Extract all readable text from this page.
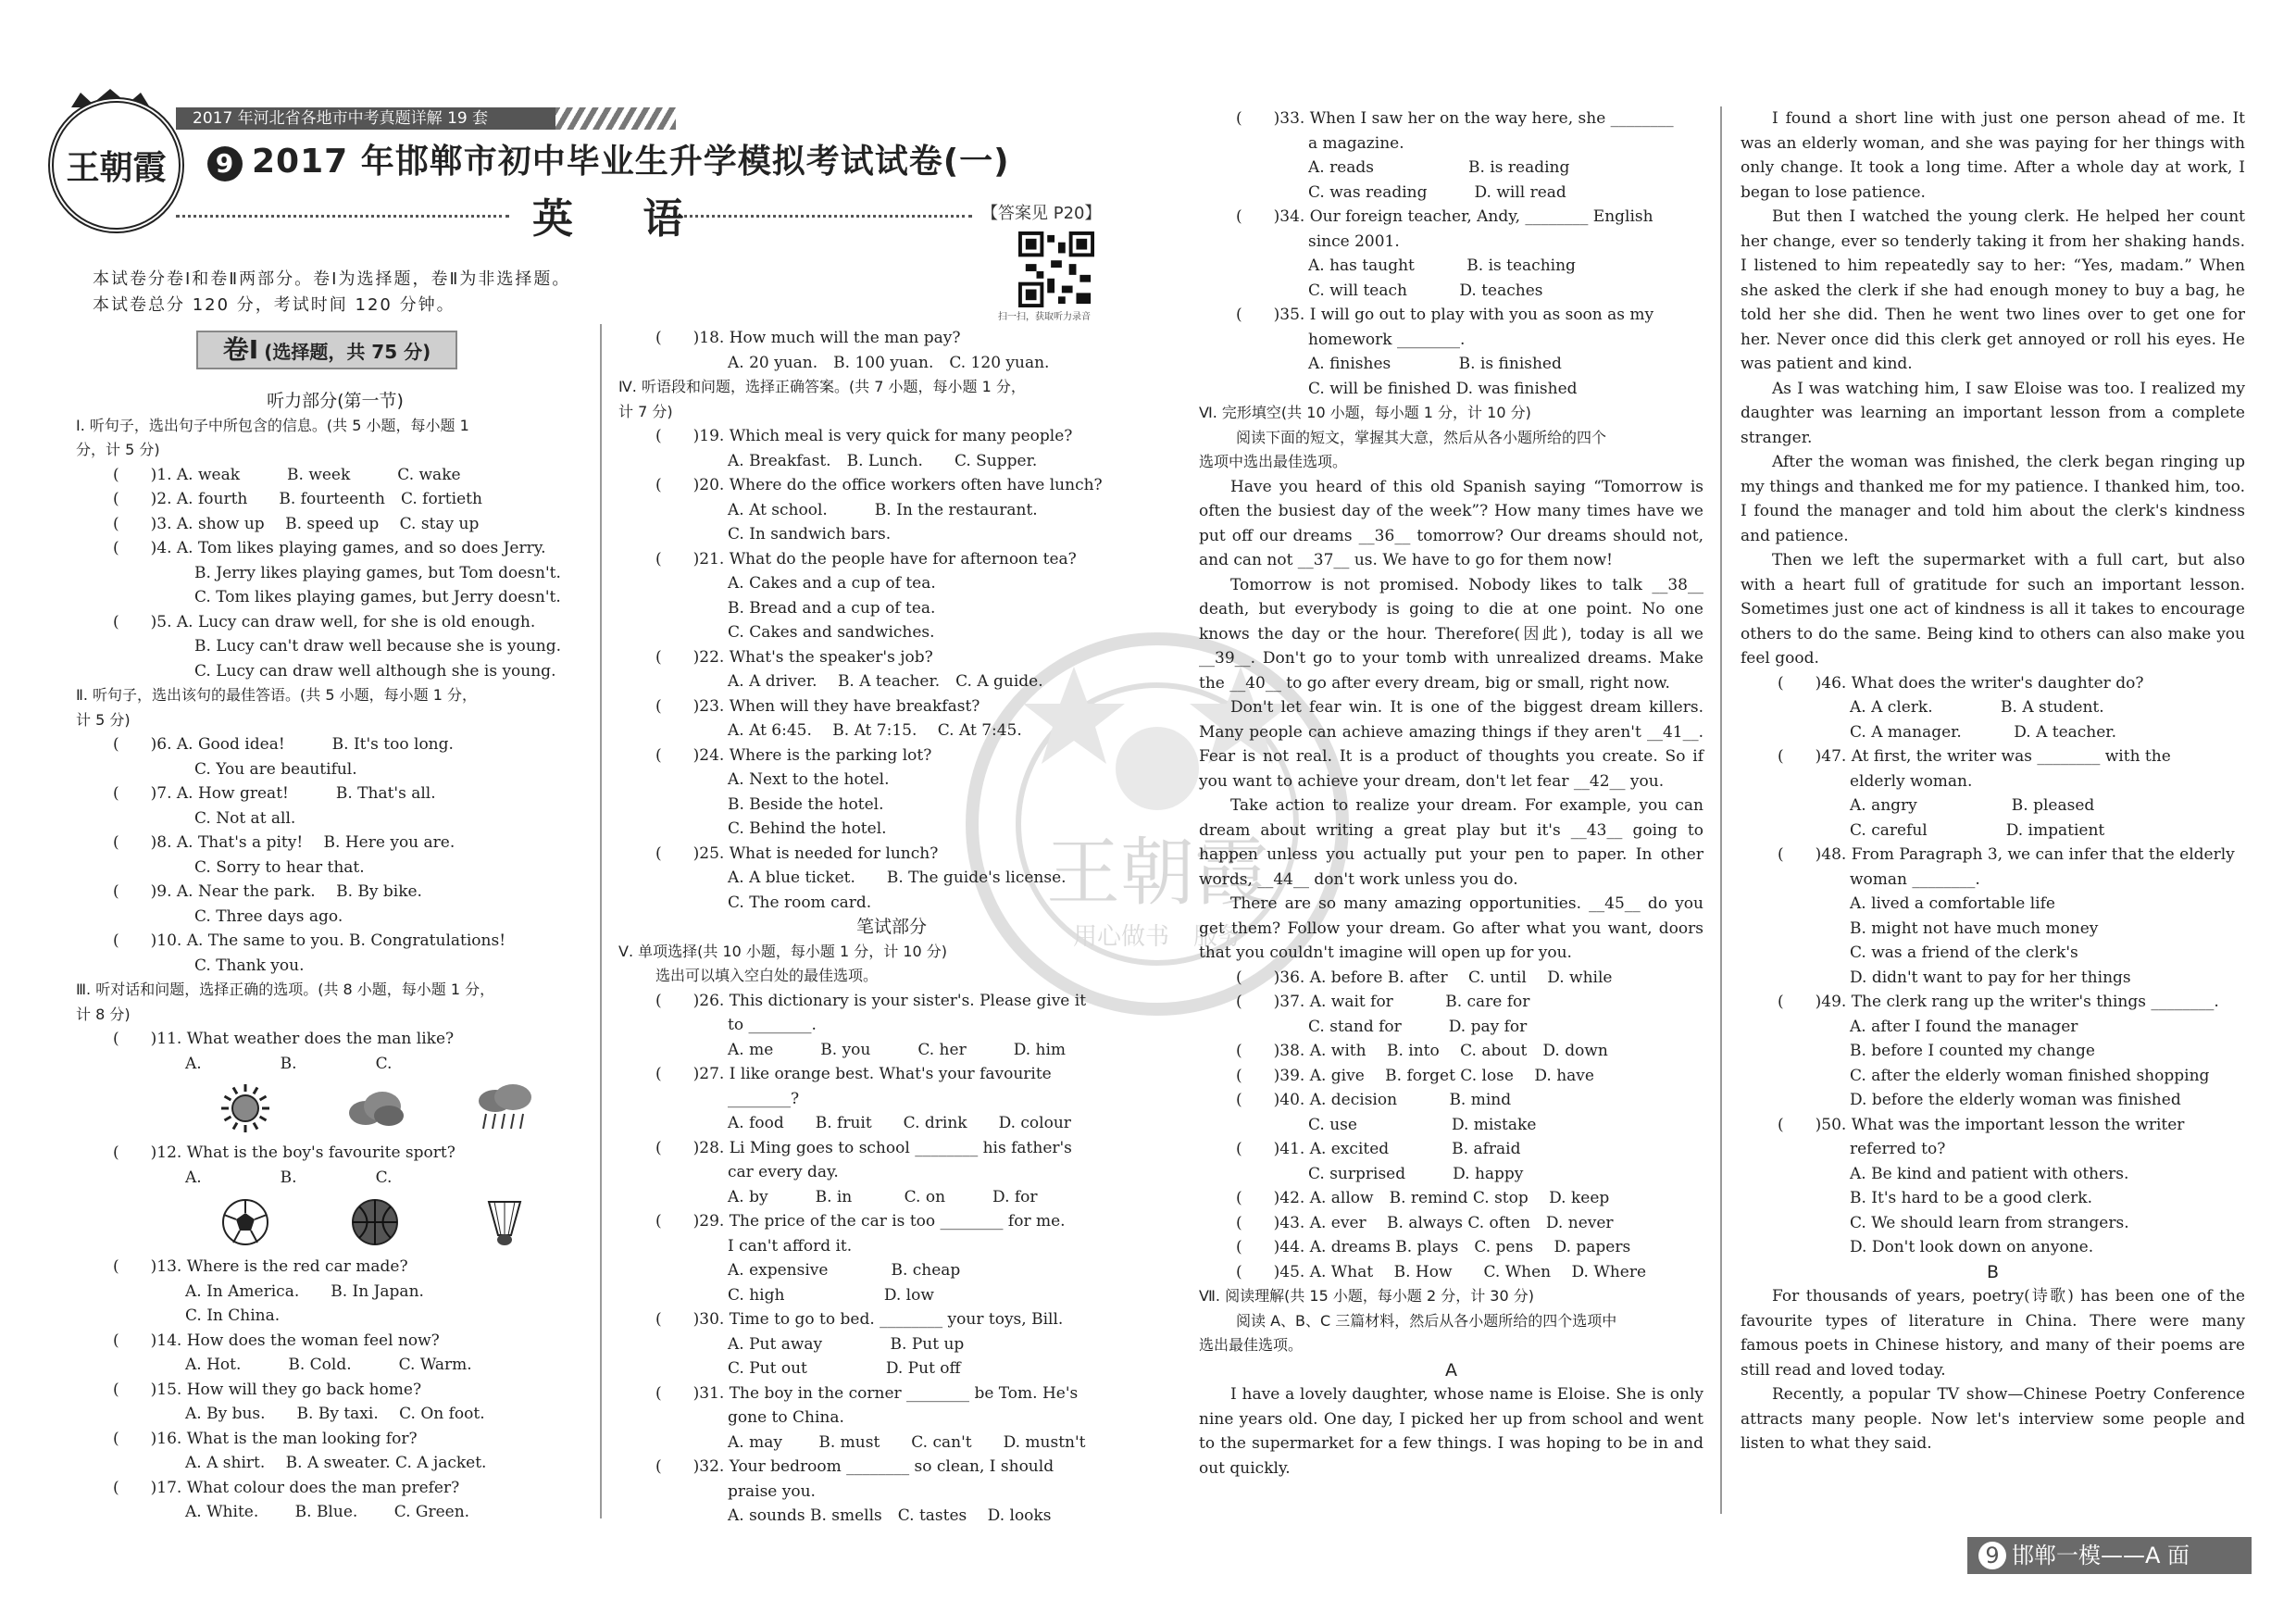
王朝霞
2017 年河北省各地市中考真题详解 19 套
9 2017 年邯郸市初中毕业生升学模拟考试试卷(一)
英 语	【答案见 P20】
扫一扫，获取听力录音
本试卷分卷Ⅰ和卷Ⅱ两部分。卷Ⅰ为选择题，卷Ⅱ为非选择题。
本试卷总分 120 分，考试时间 120 分钟。
卷Ⅰ (选择题，共 75 分)
王朝霞
用心做书　服务

听力部分(第一节)

Ⅰ. 听句子，选出句子中所包含的信息。(共 5 小题，每小题 1

分，计 5 分)

(　　)1. A. weak　　　B. week　　　C. wake

(　　)2. A. fourth　　B. fourteenth　C. fortieth

(　　)3. A. show up　 B. speed up　 C. stay up

(　　)4. A. Tom likes playing games, and so does Jerry.

B. Jerry likes playing games, but Tom doesn't.

C. Tom likes playing games, but Jerry doesn't.

(　　)5. A. Lucy can draw well, for she is old enough.

B. Lucy can't draw well because she is young.

C. Lucy can draw well although she is young.

Ⅱ. 听句子，选出该句的最佳答语。(共 5 小题，每小题 1 分，

计 5 分)

(　　)6. A. Good idea!　　　B. It's too long.

C. You are beautiful.

(　　)7. A. How great!　　　B. That's all.

C. Not at all.

(　　)8. A. That's a pity!　 B. Here you are.

C. Sorry to hear that.

(　　)9. A. Near the park.　 B. By bike.

C. Three days ago.

(　　)10. A. The same to you. B. Congratulations!

C. Thank you.

Ⅲ. 听对话和问题，选择正确的选项。(共 8 小题，每小题 1 分，

计 8 分)

(　　)11. What weather does the man like?

A.　　　　　B.　　　　　C.

(　　)12. What is the boy's favourite sport?

A.　　　　　B.　　　　　C.

(　　)13. Where is the red car made?

A. In America.　　B. In Japan.

C. In China.

(　　)14. How does the woman feel now?

A. Hot.　　　B. Cold.　　　C. Warm.

(　　)15. How will they go back home?

A. By bus.　　B. By taxi.　 C. On foot.

(　　)16. What is the man looking for?

A. A shirt.　 B. A sweater. C. A jacket.

(　　)17. What colour does the man prefer?

A. White.　　 B. Blue.　　 C. Green.

(　　)18. How much will the man pay?

A. 20 yuan.　B. 100 yuan.　C. 120 yuan.

Ⅳ. 听语段和问题，选择正确答案。(共 7 小题，每小题 1 分，

计 7 分)

(　　)19. Which meal is very quick for many people?

A. Breakfast.　B. Lunch.　　C. Supper.

(　　)20. Where do the office workers often have lunch?

A. At school.　　　B. In the restaurant.

C. In sandwich bars.

(　　)21. What do the people have for afternoon tea?

A. Cakes and a cup of tea.

B. Bread and a cup of tea.

C. Cakes and sandwiches.

(　　)22. What's the speaker's job?

A. A driver.　 B. A teacher.　C. A guide.

(　　)23. When will they have breakfast?

A. At 6:45.　 B. At 7:15.　 C. At 7:45.

(　　)24. Where is the parking lot?

A. Next to the hotel.

B. Beside the hotel.

C. Behind the hotel.

(　　)25. What is needed for lunch?

A. A blue ticket.　　B. The guide's license.

C. The room card.

笔试部分

Ⅴ. 单项选择(共 10 小题，每小题 1 分，计 10 分)

选出可以填入空白处的最佳选项。

(　　)26. This dictionary is your sister's. Please give it

to ________.

A. me　　　B. you　　　C. her　　　D. him

(　　)27. I like orange best. What's your favourite

________?

A. food　　B. fruit　　C. drink　　D. colour

(　　)28. Li Ming goes to school ________ his father's

car every day.

A. by　　　B. in　　　 C. on　　　D. for

(　　)29. The price of the car is too ________ for me.

I can't afford it.

A. expensive　　　　B. cheap

C. high　　　　　　 D. low

(　　)30. Time to go to bed. ________ your toys, Bill.

A. Put away　　　　 B. Put up

C. Put out　　　　　D. Put off

(　　)31. The boy in the corner ________ be Tom. He's

gone to China.

A. may　　 B. must　　C. can't　　D. mustn't

(　　)32. Your bedroom ________ so clean, I should

praise you.

A. sounds B. smells　C. tastes　 D. looks

(　　)33. When I saw her on the way here, she ________

a magazine.

A. reads　　　　　　B. is reading

C. was reading　　　D. will read

(　　)34. Our foreign teacher, Andy, ________ English

since 2001.

A. has taught　　　 B. is teaching

C. will teach　　　 D. teaches

(　　)35. I will go out to play with you as soon as my

homework ________.

A. finishes　　　　 B. is finished

C. will be finished D. was finished

Ⅵ. 完形填空(共 10 小题，每小题 1 分，计 10 分)

阅读下面的短文，掌握其大意，然后从各小题所给的四个

选项中选出最佳选项。

Have you heard of this old Spanish saying “Tomorrow is often the busiest day of the week”? How many times have we put off our dreams __36__ tomorrow? Our dreams should not, and can not __37__ us. We have to go for them now!

Tomorrow is not promised. Nobody likes to talk __38__ death, but everybody is going to die at one point. No one knows the day or the hour. Therefore(因此), today is all we __39__. Don't go to your tomb with unrealized dreams. Make the __40__ to go after every dream, big or small, right now.

Don't let fear win. It is one of the biggest dream killers. Many people can achieve amazing things if they aren't __41__. Fear is not real. It is a product of thoughts you create. So if you want to achieve your dream, don't let fear __42__ you.

Take action to realize your dream. For example, you can dream about writing a great play but it's __43__ going to happen unless you actually put your pen to paper. In other words, __44__ don't work unless you do.

There are so many amazing opportunities. __45__ do you get them? Follow your dream. Go after what you want, doors that you couldn't imagine will open up for you.

(　　)36. A. before B. after　 C. until　 D. while

(　　)37. A. wait for　　　 B. care for

C. stand for　　　D. pay for

(　　)38. A. with　 B. into　 C. about　D. down

(　　)39. A. give　 B. forget C. lose　 D. have

(　　)40. A. decision　　　 B. mind

C. use　　　　　　D. mistake

(　　)41. A. excited　　　　B. afraid

C. surprised　　　D. happy

(　　)42. A. allow　B. remind C. stop　 D. keep

(　　)43. A. ever　 B. always C. often　D. never

(　　)44. A. dreams B. plays　C. pens　 D. papers

(　　)45. A. What　 B. How　　C. When　 D. Where

Ⅶ. 阅读理解(共 15 小题，每小题 2 分，计 30 分)

阅读 A、B、C 三篇材料，然后从各小题所给的四个选项中

选出最佳选项。

A

I have a lovely daughter, whose name is Eloise. She is only nine years old. One day, I picked her up from school and went to the supermarket for a few things. I was hoping to be in and out quickly.

I found a short line with just one person ahead of me. It was an elderly woman, and she was paying for her things with only change. It took a long time. After a whole day at work, I began to lose patience.

But then I watched the young clerk. He helped her count her change, ever so tenderly taking it from her shaking hands. I listened to him repeatedly say to her: “Yes, madam.” When she asked the clerk if she had enough money to buy a bag, he told her she did. Then he went two lines over to get one for her. Never once did this clerk get annoyed or roll his eyes. He was patient and kind.

As I was watching him, I saw Eloise was too. I realized my daughter was learning an important lesson from a complete stranger.

After the woman was finished, the clerk began ringing up my things and thanked me for my patience. I thanked him, too. I found the manager and told him about the clerk's kindness and patience.

Then we left the supermarket with a full cart, but also with a heart full of gratitude for such an important lesson. Sometimes just one act of kindness is all it takes to encourage others to do the same. Being kind to others can also make you feel good.

(　　)46. What does the writer's daughter do?

A. A clerk.　　　　 B. A student.

C. A manager.　　　 D. A teacher.

(　　)47. At first, the writer was ________ with the

elderly woman.

A. angry　　　　　　B. pleased

C. careful　　　　　D. impatient

(　　)48. From Paragraph 3, we can infer that the elderly

woman ________.

A. lived a comfortable life

B. might not have much money

C. was a friend of the clerk's

D. didn't want to pay for her things

(　　)49. The clerk rang up the writer's things ________.

A. after I found the manager

B. before I counted my change

C. after the elderly woman finished shopping

D. before the elderly woman was finished

(　　)50. What was the important lesson the writer

referred to?

A. Be kind and patient with others.

B. It's hard to be a good clerk.

C. We should learn from strangers.

D. Don't look down on anyone.

B

For thousands of years, poetry(诗歌) has been one of the favourite types of literature in China. There were many famous poets in Chinese history, and many of their poems are still read and loved today.

Recently, a popular TV show—Chinese Poetry Conference attracts many people. Now let's interview some people and listen to what they said.

9 邯郸一模——A 面
